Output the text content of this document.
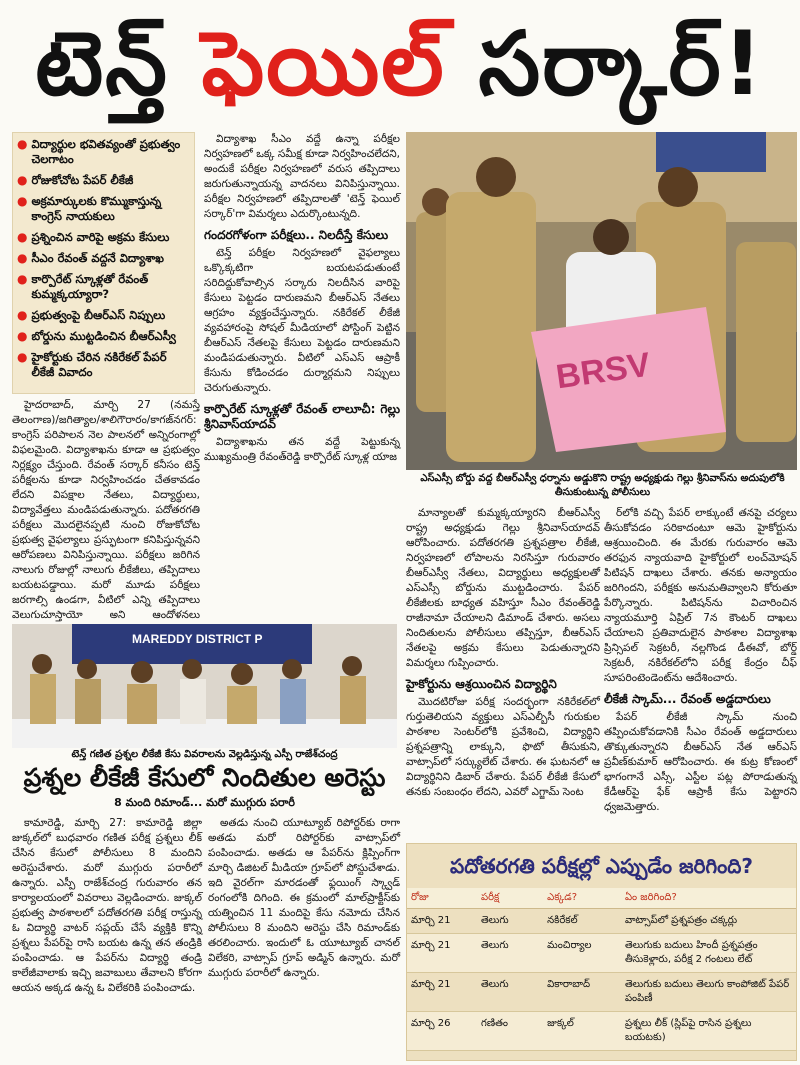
టెన్త్ ఫెయిల్ సర్కార్!
● విద్యార్థుల భవితవ్యంతో ప్రభుత్వం చెలగాటం
● రోజుకోచోట పేపర్ లీకేజీ
● అక్రమార్కులకు కొమ్ముకాస్తున్న కాంగ్రెస్ నాయకులు
● ప్రశ్నించిన వారిపై అక్రమ కేసులు
● సీఎం రేవంత్ వద్దనే విద్యాశాఖ
● కార్పొరేట్ స్కూళ్లతో రేవంత్ కుమ్మక్కయ్యారా?
● ప్రభుత్వంపై బీఆర్ఎస్ నిప్పులు
● బోర్డును ముట్టడించిన బీఆర్ఎస్వీ
● హైకోర్టుకు చేరిన నకిరేకల్ పేపర్ లీకేజీ వివాదం

హైదరాబాద్, మార్చి 27 (నమస్తే తెలంగాణ)/జగిత్యాల/శాలిగౌరారం/కాగజ్‌నగర్: కాంగ్రెస్ పరిపాలన నెల పాలనలో అన్నిరంగాల్లో విఫలమైంది. విద్యాశాఖను కూడా ఆ ప్రభుత్వం నిర్లక్ష్యం చేస్తుంది. రేవంత్ సర్కార్ కనీసం టెన్త్ పరీక్షలను కూడా నిర్వహించడం చేతకావడం లేదని విపక్షాల నేతలు, విద్యార్థులు, విద్యావేత్తలు మండిపడుతున్నారు. పదోతరగతి పరీక్షలు మొదలైనప్పటి నుంచి రోజుకోచోట ప్రభుత్వ వైఫల్యాలు ప్రస్ఫుటంగా కనిపిస్తున్నవని ఆరోపణలు వినిపిస్తున్నాయి. పరీక్షలు జరిగిన నాలుగు రోజుల్లో నాలుగు లీకేజీలు, తప్పిదాలు బయటపడ్డాయి. మరో మూడు పరీక్షలు జరగాల్సి ఉండగా, వీటిలో ఎన్ని తప్పిదాలు వెలుగుచూస్తాయో అని ఆందోళనలు

విద్యాశాఖ సీఎం వద్దే ఉన్నా పరీక్షల నిర్వహణలో ఒక్క సమీక్ష కూడా నిర్వహించలేదని, అందుకే పరీక్షల నిర్వహణలో వరుస తప్పిదాలు జరుగుతున్నాయన్న వాదనలు వినిపిస్తున్నాయి. పరీక్షల నిర్వహణలో తప్పిదాలతో 'టెన్త్ ఫెయిల్ సర్కార్'గా విమర్శలు ఎదుర్కొంటున్నది.

గందరగోళంగా పరీక్షలు.. నిలదీస్తే కేసులు

టెన్త్ పరీక్షల నిర్వహణలో వైఫల్యాలు ఒక్కొక్కటిగా బయటపడుతుంటే సరిదిద్దుకోవాల్సిన సర్కారు నిలదీసిన వారిపై కేసులు పెట్టడం దారుణమని బీఆర్ఎస్ నేతలు ఆగ్రహం వ్యక్తంచేస్తున్నారు. నకిరేకల్ లీకేజీ వ్యవహారంపై సోషల్ మీడియాలో పోస్టింగ్ పెట్టిన బీఆర్ఎస్ నేతలపై కేసులు పెట్టడం దారుణమని మండిపడుతున్నారు. వీటిలో ఎస్ఎస్ ఆప్రాకీ కేసును కోడించడం దుర్మార్గమని నిప్పులు చెరుగుతున్నారు.

కార్పొరేట్ స్కూళ్లతో రేవంత్ లాలూచీ: గెల్లు శ్రీనివాస్‌యాదవ్

విద్యాశాఖను తన వద్దే పెట్టుకున్న ముఖ్యమంత్రి రేవంత్‌రెడ్డి కార్పొరేట్ స్కూళ్ల యాజ

BRSV
ఎస్ఎస్సీ బోర్డు వద్ద బీఆర్ఎస్వీ ధర్నాను అడ్డుకొని రాష్ట్ర అధ్యక్షుడు గెల్లు శ్రీనివాస్‌ను అదుపులోకి తీసుకుంటున్న పోలీసులు

మాన్యాలతో కుమ్మక్కయ్యారని బీఆర్ఎస్వీ రాష్ట్ర అధ్యక్షుడు గెల్లు శ్రీనివాస్‌యాదవ్ ఆరోపించారు. పదోతరగతి ప్రశ్నపత్రాల లీకేజీ, నిర్వహణలో లోపాలను నిరసిస్తూ గురువారం బీఆర్ఎస్వీ నేతలు, విద్యార్థులు అధ్యక్షులతో ఎస్ఎస్సీ బోర్డును ముట్టడించారు. పేపర్ లీకేజీలకు బాధ్యత వహిస్తూ సీఎం రేవంత్‌రెడ్డి రాజీనామా చేయాలని డిమాండ్ చేశారు. అసలు నిందితులను పోలీసులు తప్పిస్తూ, బీఆర్ఎస్ నేతలపై అక్రమ కేసులు పెడుతున్నారని విమర్శలు గుప్పించారు.

హైకోర్టును ఆశ్రయించిన విద్యార్థిని

మొదటిరోజు పరీక్ష సందర్భంగా నకిరేకల్‌లో గుర్తుతెలియని వ్యక్తులు ఎస్ఎల్బీసీ గురుకుల పాఠశాల సెంటర్‌లోకి ప్రవేశించి, విద్యార్థిని ప్రశ్నపత్రాన్ని లాక్కుని, ఫొటో తీసుకుని, వాట్సాప్‌లో సర్క్యులేట్ చేశారు. ఈ ఘటనలో ఆ విద్యార్థినిని డిబార్ చేశారు. పేపర్ లీకేజీ కేసులో తనకు సంబంధం లేదని, ఎవరో ఎగ్జామ్ సెంట

ర్‌లోకి వచ్చి పేపర్ లాక్కుంటే తనపై చర్యలు తీసుకోవడం సరికాదంటూ ఆమె హైకోర్టును ఆశ్రయించింది. ఈ మేరకు గురువారం ఆమె తరఫున న్యాయవాది హైకోర్టులో లంచ్‌మోషన్ పిటిషన్ దాఖలు చేశారు. తనకు అన్యాయం జరిగిందని, పరీక్షకు అనుమతివ్వాలని కోరుతూ పేర్కొన్నారు. పిటిషన్‌ను విచారించిన న్యాయమూర్తి ఏప్రిల్ 7న కౌంటర్ దాఖలు చేయాలని ప్రతివాదులైన పాఠశాల విద్యాశాఖ ప్రిన్సిపల్ సెక్రటరీ, నల్లగొండ డీఈవో, బోర్డ్ సెక్రటరీ, నకిరేకల్‌లోని పరీక్ష కేంద్రం చీఫ్ సూపరింటెండెంట్‌ను ఆదేశించారు.

లీకేజీ స్కామ్... రేవంత్ అడ్డదారులు

పేపర్ లీకేజీ స్కామ్ నుంచి తప్పించుకోవడానికి సీఎం రేవంత్ అడ్డదారులు తొక్కుతున్నారని బీఆర్ఎస్ నేత ఆర్ఎస్ ప్రవీణ్‌కుమార్ ఆరోపించారు. ఈ కుట్ర కోణంలో భాగంగానే ఎస్సీ, ఎస్టీల పట్ల పోరాడుతున్న కేడీఆర్‌పై ఫేక్ ఆప్రాకీ కేసు పెట్టారని ధ్వజమెత్తారు.

MAREDDY DISTRICT P
టెన్త్ గణిత ప్రశ్నల లీకేజీ కేసు వివరాలను వెల్లడిస్తున్న ఎస్పీ రాజేశ్‌చంద్ర
ప్రశ్నల లీకేజీ కేసులో నిందితుల అరెస్టు
8 మంది రిమాండ్... మరో ముగ్గురు పరారీ

కామారెడ్డి, మార్చి 27: కామారెడ్డి జిల్లా జుక్కల్‌లో బుధవారం గణిత పరీక్ష ప్రశ్నలు లీక్ చేసిన కేసులో పోలీసులు 8 మందిని అరెస్టుచేశారు. మరో ముగ్గురు పరారీలో ఉన్నారు. ఎస్పీ రాజేశ్‌చంద్ర గురువారం తన కార్యాలయంలో వివరాలు వెల్లడించారు. జుక్కల్ ప్రభుత్వ పాఠశాలలో పదోతరగతి పరీక్ష రాస్తున్న ఓ విద్యార్థి వాటర్ సప్లయ్ చేసే వ్యక్తికి కొన్ని ప్రశ్నలు పేపర్‌పై రాసి బయట ఉన్న తన తండ్రికి పంపించాడు. ఆ పేపర్‌ను విద్యార్థి తండ్రి కాలేజీవాలాకు ఇచ్చి జవాబులు తేవాలని కోరగా ఆయన అక్కడ ఉన్న ఓ విలేకరికి పంపించాడు.

అతడు నుంచి యూట్యూబ్ రిపోర్టర్‌కు రాగా అతడు మరో రిపోర్టర్‌కు వాట్సాప్‌లో పంపించాడు. అతడు ఆ పేపర్‌ను క్లిప్పింగ్‌గా మార్చి డిజిటల్ మీడియా గ్రూప్‌లో పోస్టుచేశాడు. ఇది వైరల్‌గా మారడంతో ఫ్లయింగ్ స్క్వాడ్ రంగంలోకి దిగింది. ఈ క్రమంలో మాల్‌ప్రాక్టీస్‌కు యత్నించిన 11 మందిపై కేసు నమోదు చేసిన పోలీసులు 8 మందిని అరెస్టు చేసి రిమాండ్‌కు తరలించారు. ఇందులో ఓ యూట్యూబ్ చానల్ విలేకరి, వాట్సాప్ గ్రూప్ అడ్మిన్ ఉన్నారు. మరో ముగ్గురు పరారీలో ఉన్నారు.

పదోతరగతి పరీక్షల్లో ఎప్పుడేం జరిగింది?
రోజు	పరీక్ష	ఎక్కడ?	ఏం జరిగింది?
మార్చి 21	తెలుగు	నకిరేకల్	వాట్సాప్‌లో ప్రశ్నపత్రం చక్కర్లు
మార్చి 21	తెలుగు	మంచిర్యాల	తెలుగుకు బదులు హిందీ ప్రశ్నపత్రం తీసుకెళ్లారు, పరీక్ష 2 గంటలు లేట్
మార్చి 21	తెలుగు	వికారాబాద్	తెలుగుకు బదులు తెలుగు కాంపోజిట్ పేపర్ పంపిణీ
మార్చి 26	గణితం	జుక్కల్	ప్రశ్నలు లీక్ (స్లిప్‌పై రాసిన ప్రశ్నలు బయటకు)
